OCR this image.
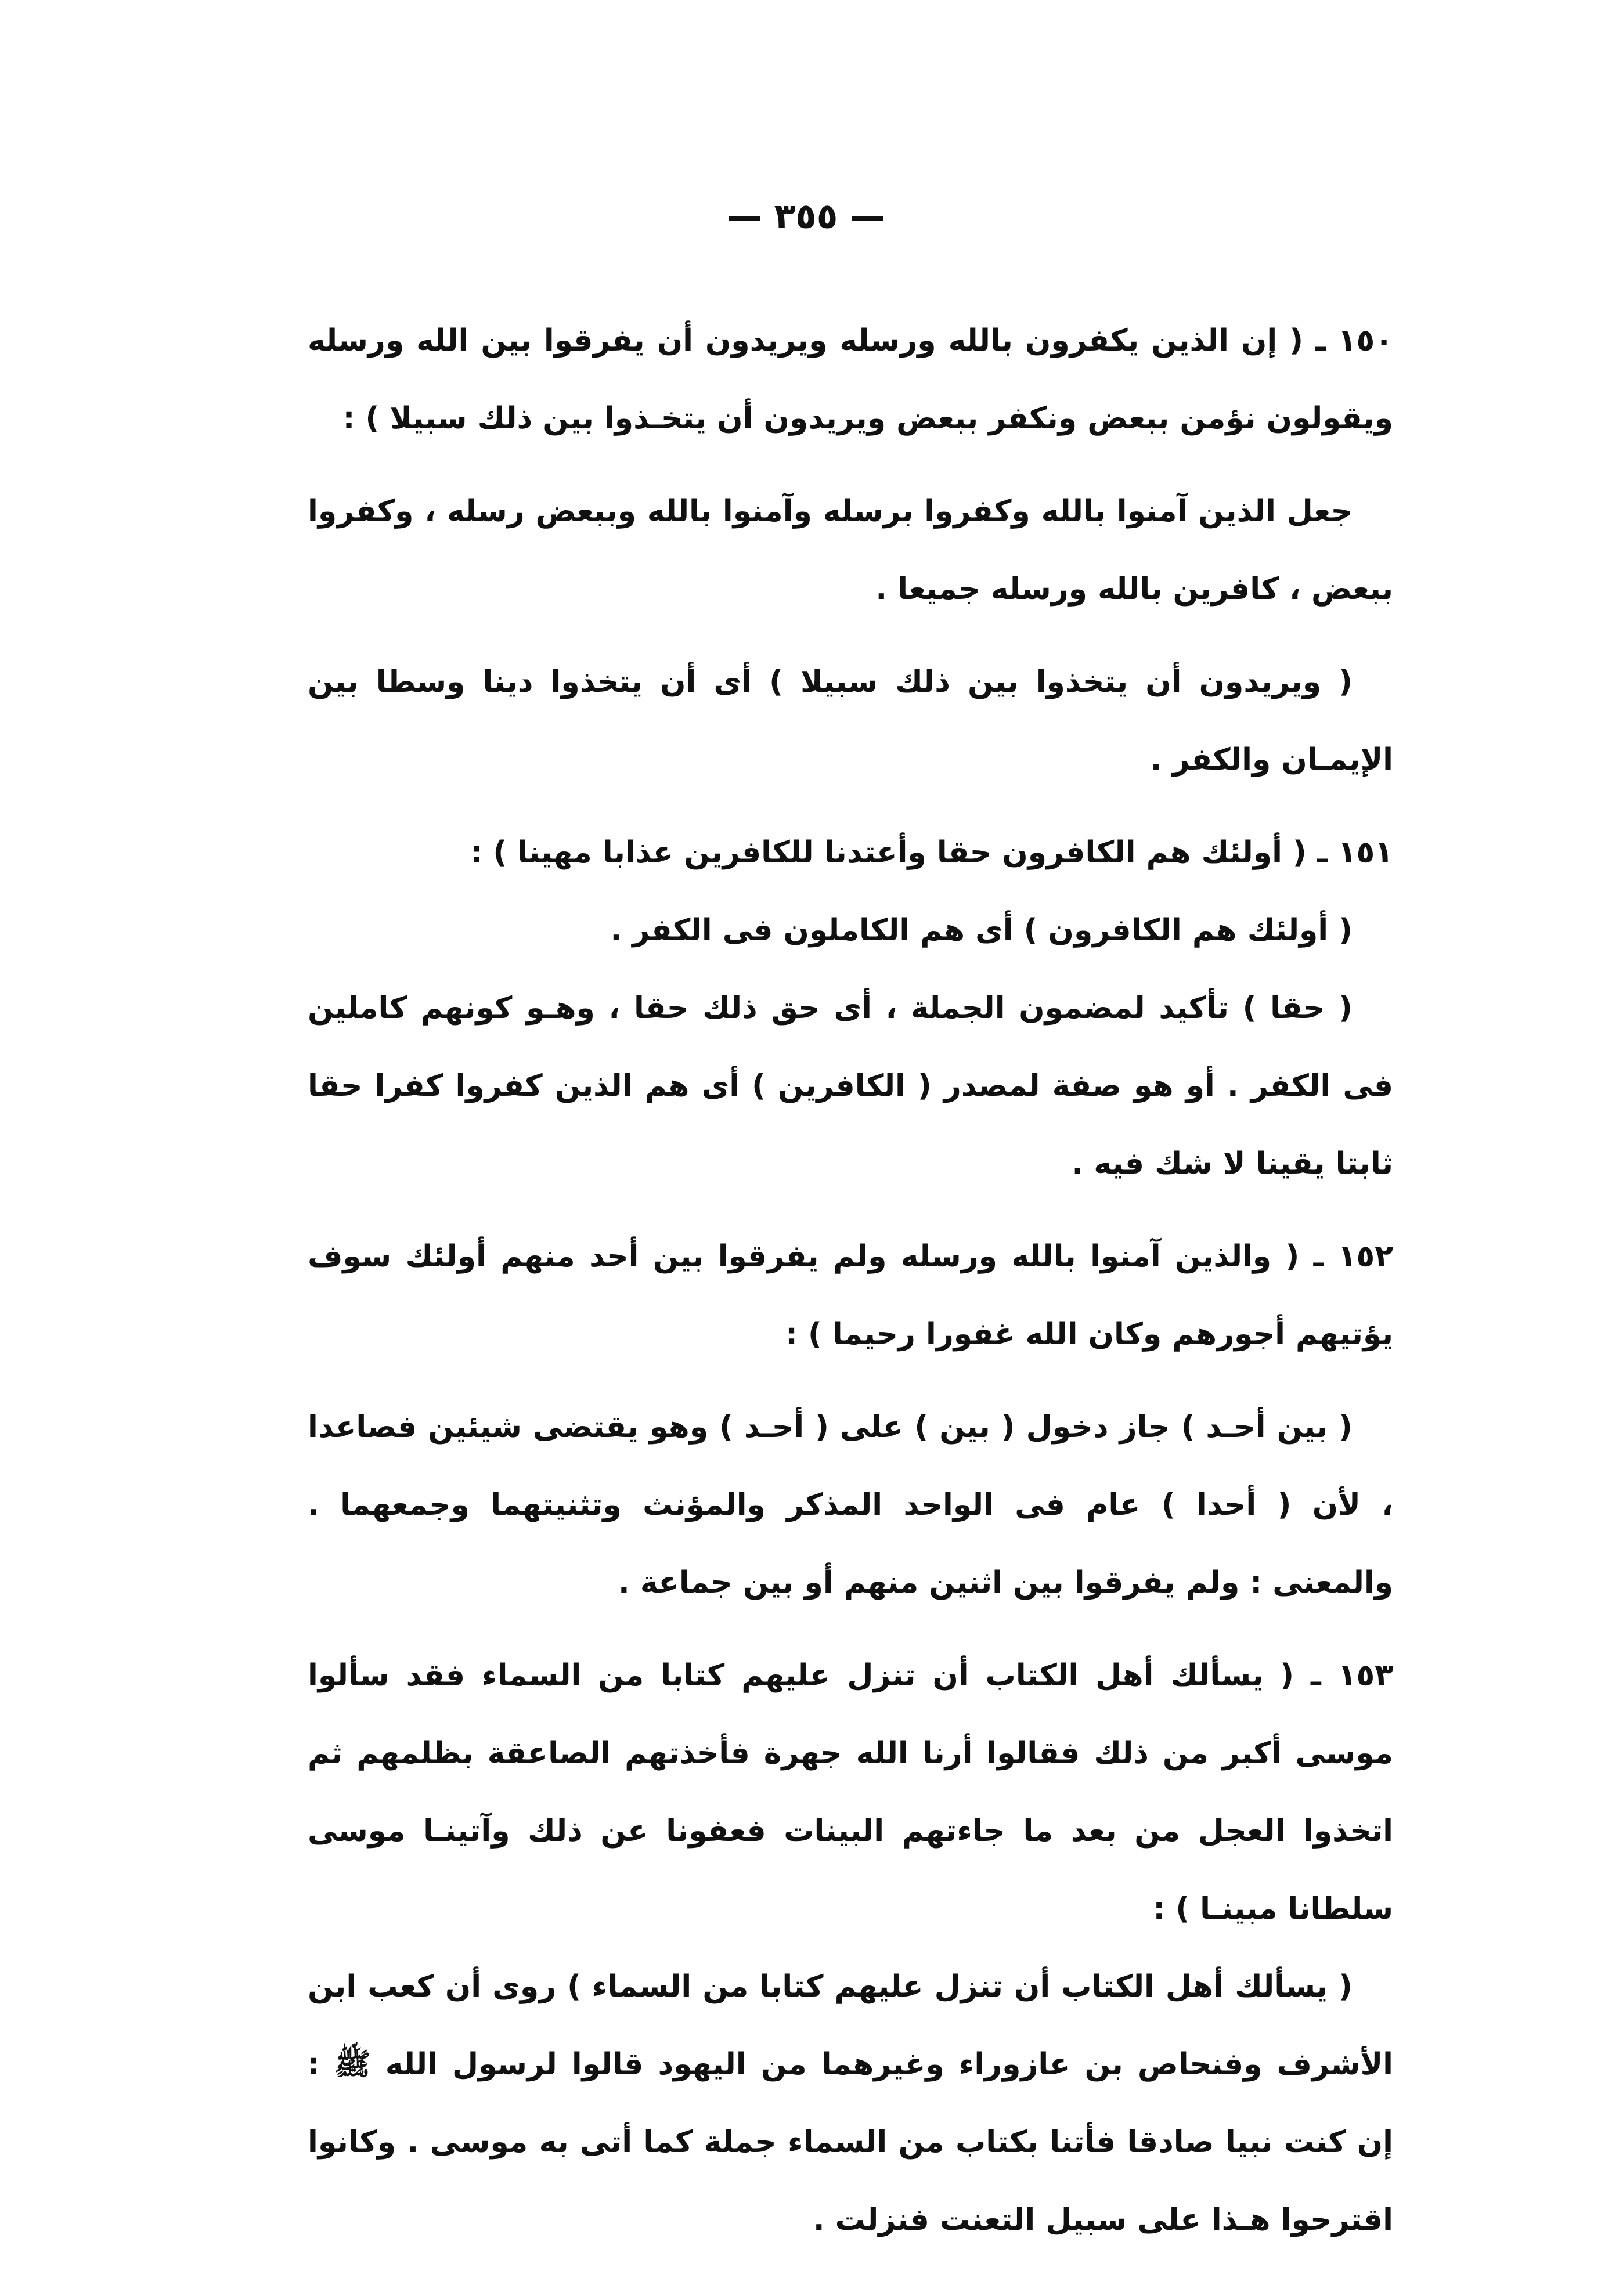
— ٣٥٥ —

١٥٠ ـ ( إن الذين يكفرون بالله ورسله ويريدون أن يفرقوا بين الله ورسله ويقولون نؤمن ببعض ونكفر ببعض ويريدون أن يتخـذوا بين ذلك سبيلا ) :

جعل الذين آمنوا بالله وكفروا برسله وآمنوا بالله وببعض رسله ، وكفروا ببعض ، كافرين بالله ورسله جميعا .

( ويريدون أن يتخذوا بين ذلك سبيلا ) أى أن يتخذوا دينا وسطا بين الإيمـان والكفر .

١٥١ ـ ( أولئك هم الكافرون حقا وأعتدنا للكافرين عذابا مهينا ) :

( أولئك هم الكافرون ) أى هم الكاملون فى الكفر .

( حقا ) تأكيد لمضمون الجملة ، أى حق ذلك حقا ، وهـو كونهم كاملين فى الكفر . أو هو صفة لمصدر ( الكافرين ) أى هم الذين كفروا كفرا حقا ثابتا يقينا لا شك فيه .

١٥٢ ـ ( والذين آمنوا بالله ورسله ولم يفرقوا بين أحد منهم أولئك سوف يؤتيهم أجورهم وكان الله غفورا رحيما ) :

( بين أحـد ) جاز دخول ( بين ) على ( أحـد ) وهو يقتضى شيئين فصاعدا ، لأن ( أحدا ) عام فى الواحد المذكر والمؤنث وتثنيتهما وجمعهما . والمعنى : ولم يفرقوا بين اثنين منهم أو بين جماعة .

١٥٣ ـ ( يسألك أهل الكتاب أن تنزل عليهم كتابا من السماء فقد سألوا موسى أكبر من ذلك فقالوا أرنا الله جهرة فأخذتهم الصاعقة بظلمهم ثم اتخذوا العجل من بعد ما جاءتهم البينات فعفونا عن ذلك وآتينـا موسى سلطانا مبينـا ) :

( يسألك أهل الكتاب أن تنزل عليهم كتابا من السماء ) روى أن كعب ابن الأشرف وفنحاص بن عازوراء وغيرهما من اليهود قالوا لرسول الله ﷺ : إن كنت نبيا صادقا فأتنا بكتاب من السماء جملة كما أتى به موسى . وكانوا اقترحوا هـذا على سبيل التعنت فنزلت .
